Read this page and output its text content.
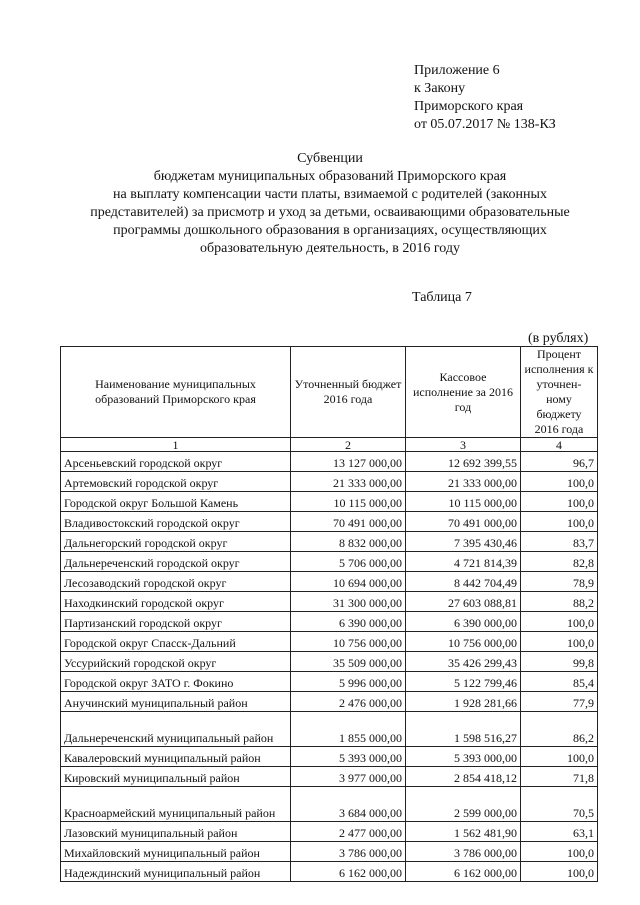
Приложение 6
к Закону
Приморского края
от 05.07.2017 № 138-КЗ
Субвенции
бюджетам муниципальных образований Приморского края
на выплату компенсации части платы, взимаемой с родителей (законных
представителей) за присмотр и уход за детьми, осваивающими образовательные
программы дошкольного образования в организациях, осуществляющих
образовательную деятельность, в 2016 году
Таблица 7
(в рублях)
Наименование муниципальных образований Приморского края	Уточненный бюджет 2016 года	Кассовое исполнение за 2016 год	Процент исполнения к уточнен-ному бюджету 2016 года
1	2	3	4
Арсеньевский городской округ	13 127 000,00	12 692 399,55	96,7
Артемовский городской округ	21 333 000,00	21 333 000,00	100,0
Городской округ Большой Камень	10 115 000,00	10 115 000,00	100,0
Владивостокский городской округ	70 491 000,00	70 491 000,00	100,0
Дальнегорский городской округ	8 832 000,00	7 395 430,46	83,7
Дальнереченский городской округ	5 706 000,00	4 721 814,39	82,8
Лесозаводский городской округ	10 694 000,00	8 442 704,49	78,9
Находкинский городской округ	31 300 000,00	27 603 088,81	88,2
Партизанский городской округ	6 390 000,00	6 390 000,00	100,0
Городской округ Спасск-Дальний	10 756 000,00	10 756 000,00	100,0
Уссурийский городской округ	35 509 000,00	35 426 299,43	99,8
Городской округ ЗАТО г. Фокино	5 996 000,00	5 122 799,46	85,4
Анучинский муниципальный район	2 476 000,00	1 928 281,66	77,9
Дальнереченский муниципальный район	1 855 000,00	1 598 516,27	86,2
Кавалеровский муниципальный район	5 393 000,00	5 393 000,00	100,0
Кировский муниципальный район	3 977 000,00	2 854 418,12	71,8
Красноармейский муниципальный район	3 684 000,00	2 599 000,00	70,5
Лазовский муниципальный район	2 477 000,00	1 562 481,90	63,1
Михайловский муниципальный район	3 786 000,00	3 786 000,00	100,0
Надеждинский муниципальный район	6 162 000,00	6 162 000,00	100,0
